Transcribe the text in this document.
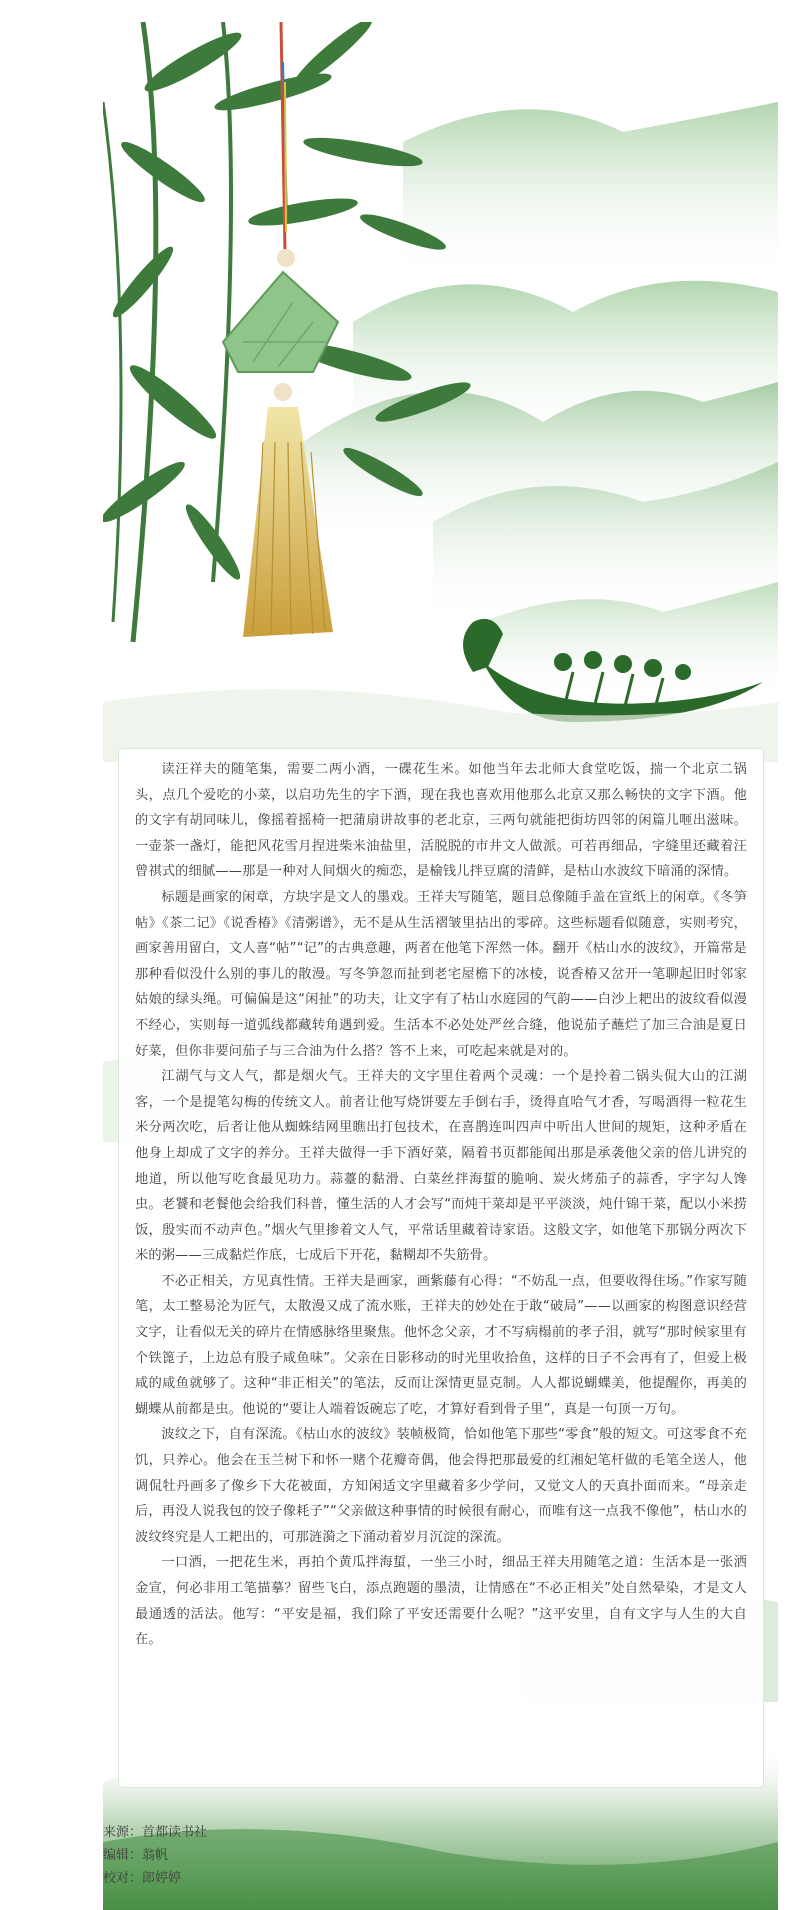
读汪祥夫的随笔集，需要二两小酒，一碟花生米。如他当年去北师大食堂吃饭，揣一个北京二锅头，点几个爱吃的小菜，以启功先生的字下酒，现在我也喜欢用他那么北京又那么畅快的文字下酒。他的文字有胡同味儿，像摇着摇椅一把蒲扇讲故事的老北京，三两句就能把街坊四邻的闲篇儿咂出滋味。一壶茶一盏灯，能把风花雪月捏进柴米油盐里，活脱脱的市井文人做派。可若再细品，字缝里还藏着汪曾祺式的细腻——那是一种对人间烟火的痴恋，是榆钱儿拌豆腐的清鲜，是枯山水波纹下暗涌的深情。

标题是画家的闲章，方块字是文人的墨戏。王祥夫写随笔，题目总像随手盖在宣纸上的闲章。《冬笋帖》《茶二记》《说香椿》《清粥谱》，无不是从生活褶皱里拈出的零碎。这些标题看似随意，实则考究，画家善用留白，文人喜“帖”“记”的古典意趣，两者在他笔下浑然一体。翻开《枯山水的波纹》，开篇常是那种看似没什么别的事儿的散漫。写冬笋忽而扯到老宅屋檐下的冰棱，说香椿又岔开一笔聊起旧时邻家姑娘的绿头绳。可偏偏是这“闲扯”的功夫，让文字有了枯山水庭园的气韵——白沙上耙出的波纹看似漫不经心，实则每一道弧线都藏转角遇到爱。生活本不必处处严丝合缝，他说茄子蘸烂了加三合油是夏日好菜，但你非要问茄子与三合油为什么搭？答不上来，可吃起来就是对的。

江湖气与文人气，都是烟火气。王祥夫的文字里住着两个灵魂：一个是拎着二锅头侃大山的江湖客，一个是提笔勾梅的传统文人。前者让他写烧饼要左手倒右手，烫得直哈气才香，写喝酒得一粒花生米分两次吃，后者让他从蜘蛛结网里瞧出打包技术，在喜鹊连叫四声中听出人世间的规矩，这种矛盾在他身上却成了文字的养分。王祥夫做得一手下酒好菜，隔着书页都能闻出那是承袭他父亲的倍儿讲究的地道，所以他写吃食最见功力。蒜薹的黏滑、白菜丝拌海蜇的脆响、炭火烤茄子的蒜香，字字勾人馋虫。老饕和老餐他会给我们科普，懂生活的人才会写“而炖干菜却是平平淡淡，炖什锦干菜，配以小米捞饭，殷实而不动声色。”烟火气里掺着文人气，平常话里藏着诗家语。这般文字，如他笔下那锅分两次下米的粥——三成黏烂作底，七成后下开花，黏糊却不失筋骨。

不必正相关，方见真性情。王祥夫是画家，画紫藤有心得：“不妨乱一点，但要收得住场。”作家写随笔，太工整易沦为匠气，太散漫又成了流水账，王祥夫的妙处在于敢“破局”——以画家的构图意识经营文字，让看似无关的碎片在情感脉络里聚焦。他怀念父亲，才不写病榻前的孝子泪，就写“那时候家里有个铁篦子，上边总有股子咸鱼味”。父亲在日影移动的时光里收拾鱼，这样的日子不会再有了，但爱上极咸的咸鱼就够了。这种“非正相关”的笔法，反而让深情更显克制。人人都说蝴蝶美，他提醒你，再美的蝴蝶从前都是虫。他说的“要让人端着饭碗忘了吃，才算好看到骨子里”，真是一句顶一万句。

波纹之下，自有深流。《枯山水的波纹》装帧极简，恰如他笔下那些“零食”般的短文。可这零食不充饥，只养心。他会在玉兰树下和怀一赌个花瓣奇偶，他会得把那最爱的红湘妃笔杆做的毛笔全送人，他调侃牡丹画多了像乡下大花被面，方知闲适文字里藏着多少学问，又觉文人的天真扑面而来。“母亲走后，再没人说我包的饺子像耗子”“父亲做这种事情的时候很有耐心，而唯有这一点我不像他”，枯山水的波纹终究是人工耙出的，可那涟漪之下涌动着岁月沉淀的深流。

一口酒，一把花生米，再拍个黄瓜拌海蜇，一坐三小时，细品王祥夫用随笔之道：生活本是一张洒金宣，何必非用工笔描摹？留些飞白，添点跑题的墨渍，让情感在“不必正相关”处自然晕染，才是文人最通透的活法。他写：“平安是福，我们除了平安还需要什么呢？”这平安里，自有文字与人生的大自在。

来源：首都读书社
编辑：翁帆
校对：郎婷婷
